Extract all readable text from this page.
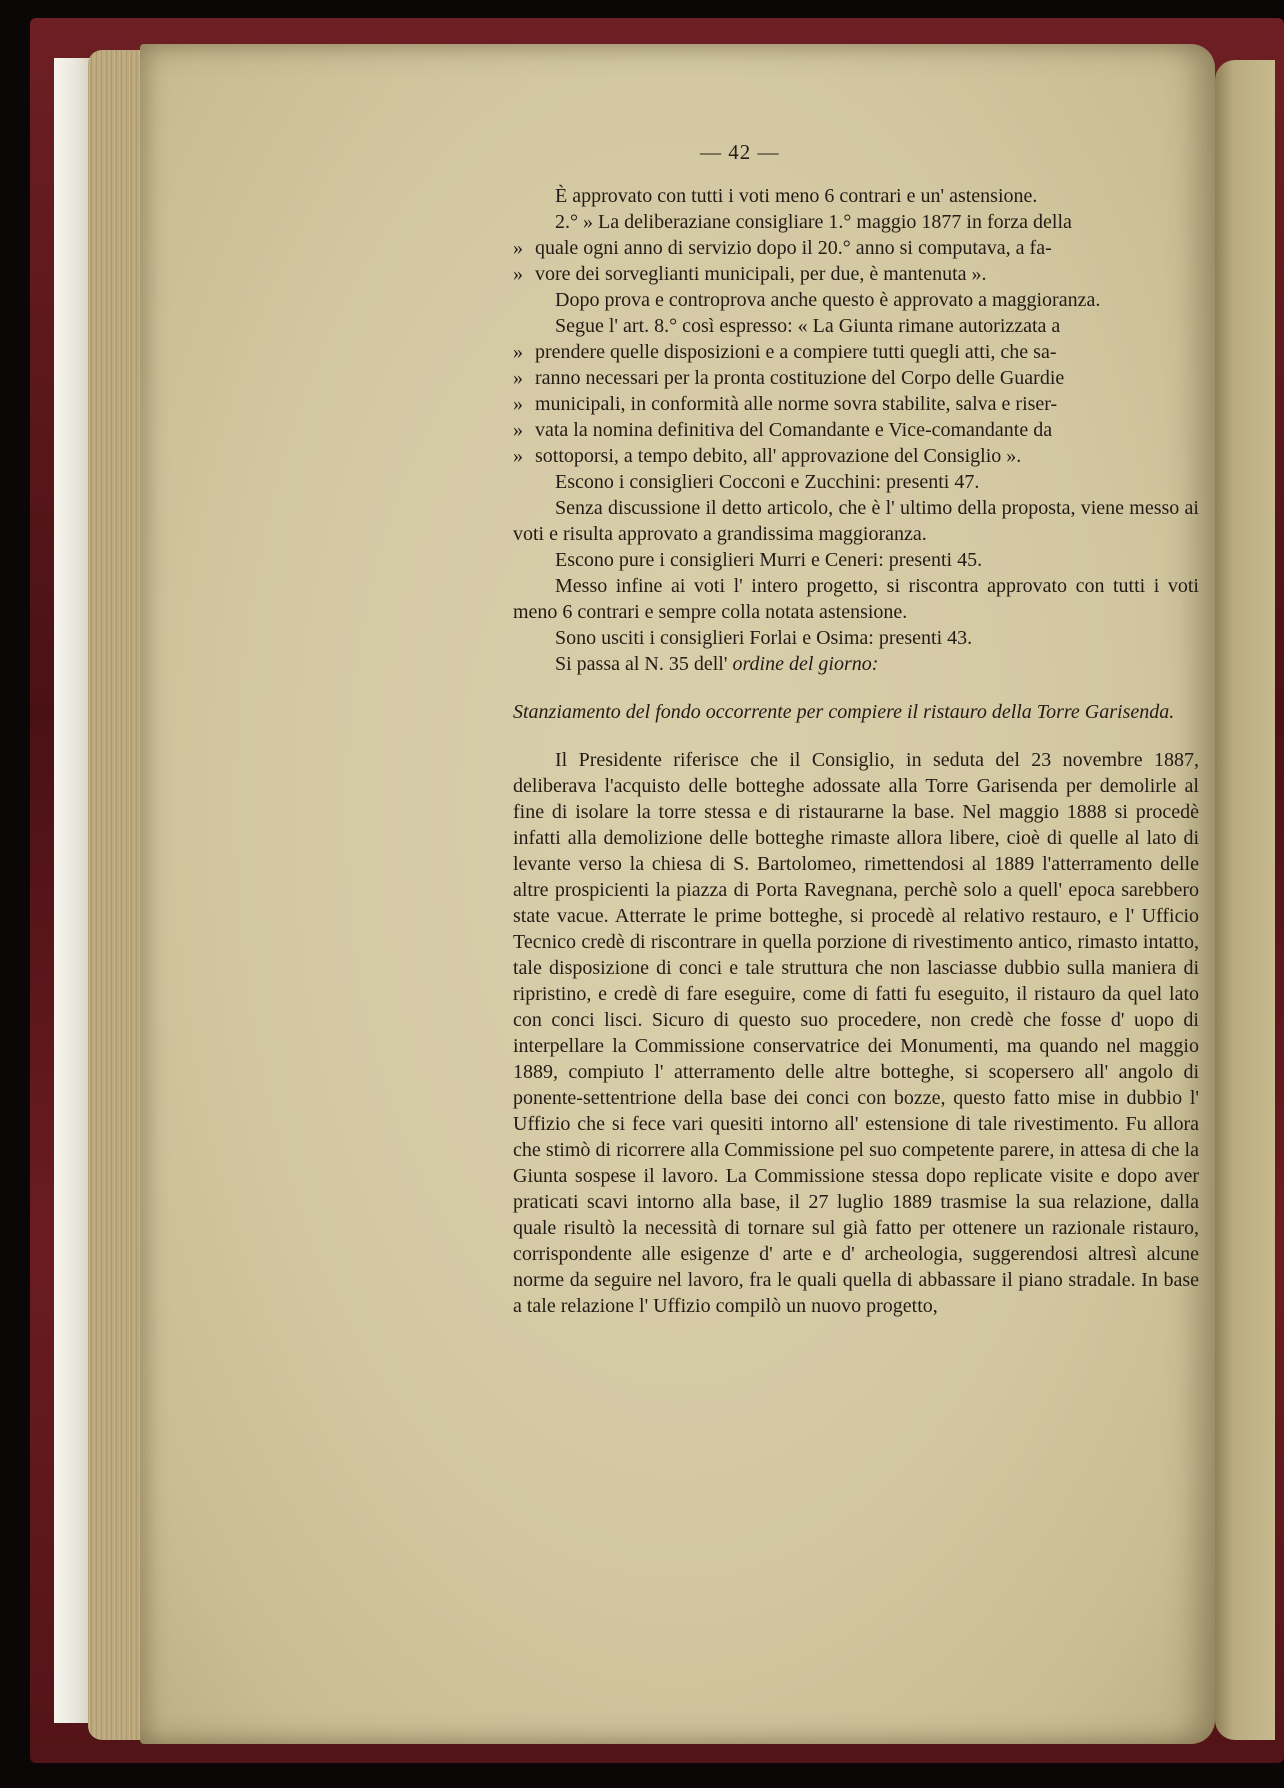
— 42 —

È approvato con tutti i voti meno 6 contrari e un' astensione.

2.° » La deliberaziane consigliare 1.° maggio 1877 in forza della

» quale ogni anno di servizio dopo il 20.° anno si computava, a fa-

» vore dei sorveglianti municipali, per due, è mantenuta ».

Dopo prova e controprova anche questo è approvato a maggioranza.

Segue l' art. 8.° così espresso: « La Giunta rimane autorizzata a

» prendere quelle disposizioni e a compiere tutti quegli atti, che sa-

» ranno necessari per la pronta costituzione del Corpo delle Guardie

» municipali, in conformità alle norme sovra stabilite, salva e riser-

» vata la nomina definitiva del Comandante e Vice-comandante da

» sottoporsi, a tempo debito, all' approvazione del Consiglio ».

Escono i consiglieri Cocconi e Zucchini: presenti 47.

Senza discussione il detto articolo, che è l' ultimo della proposta, viene messo ai voti e risulta approvato a grandissima maggioranza.

Escono pure i consiglieri Murri e Ceneri: presenti 45.

Messo infine ai voti l' intero progetto, si riscontra approvato con tutti i voti meno 6 contrari e sempre colla notata astensione.

Sono usciti i consiglieri Forlai e Osima: presenti 43.

Si passa al N. 35 dell' ordine del giorno:

Stanziamento del fondo occorrente per compiere il ristauro della Torre Garisenda.

Il Presidente riferisce che il Consiglio, in seduta del 23 novembre 1887, deliberava l'acquisto delle botteghe adossate alla Torre Garisenda per demolirle al fine di isolare la torre stessa e di ristaurarne la base. Nel maggio 1888 si procedè infatti alla demolizione delle botteghe rimaste allora libere, cioè di quelle al lato di levante verso la chiesa di S. Bartolomeo, rimettendosi al 1889 l'atterramento delle altre prospicienti la piazza di Porta Ravegnana, perchè solo a quell' epoca sarebbero state vacue. Atterrate le prime botteghe, si procedè al relativo restauro, e l' Ufficio Tecnico credè di riscontrare in quella porzione di rivestimento antico, rimasto intatto, tale disposizione di conci e tale struttura che non lasciasse dubbio sulla maniera di ripristino, e credè di fare eseguire, come di fatti fu eseguito, il ristauro da quel lato con conci lisci. Sicuro di questo suo procedere, non credè che fosse d' uopo di interpellare la Commissione conservatrice dei Monumenti, ma quando nel maggio 1889, compiuto l' atterramento delle altre botteghe, si scopersero all' angolo di ponente-settentrione della base dei conci con bozze, questo fatto mise in dubbio l' Uffizio che si fece vari quesiti intorno all' estensione di tale rivestimento. Fu allora che stimò di ricorrere alla Commissione pel suo competente parere, in attesa di che la Giunta sospese il lavoro. La Commissione stessa dopo replicate visite e dopo aver praticati scavi intorno alla base, il 27 luglio 1889 trasmise la sua relazione, dalla quale risultò la necessità di tornare sul già fatto per ottenere un razionale ristauro, corrispondente alle esigenze d' arte e d' archeologia, suggerendosi altresì alcune norme da seguire nel lavoro, fra le quali quella di abbassare il piano stradale. In base a tale relazione l' Uffizio compilò un nuovo progetto,
